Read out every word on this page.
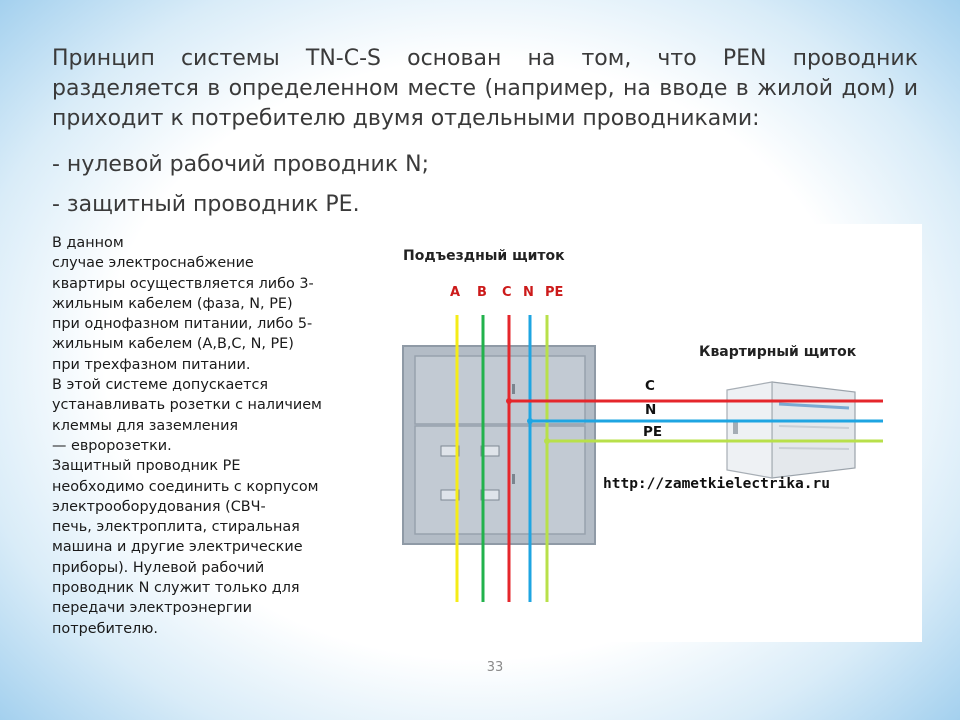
Принцип системы TN-C-S основан на том, что PEN проводник разделяется в определенном месте (например, на вводе в жилой дом) и приходит к потребителю двумя отдельными проводниками:

- нулевой рабочий проводник N;

- защитный проводник PE.

В данном
случае электроснабжение
квартиры осуществляется либо 3-
жильным кабелем (фаза, N, PE)
при однофазном питании, либо 5-
жильным кабелем (A,B,C, N, PE)
при трехфазном питании.
В этой системе допускается
устанавливать розетки с наличием
клеммы для заземления
— евророзетки.
Защитный проводник PE
необходимо соединить с корпусом
электрооборудования (СВЧ-
печь, электроплита, стиральная
машина и другие электрические
приборы). Нулевой рабочий
проводник N служит только для
передачи электроэнергии
потребителю.
Подъездный щиток
A B C N PE
Квартирный щиток
C
N
PE
http://zametkielectrika.ru
33
